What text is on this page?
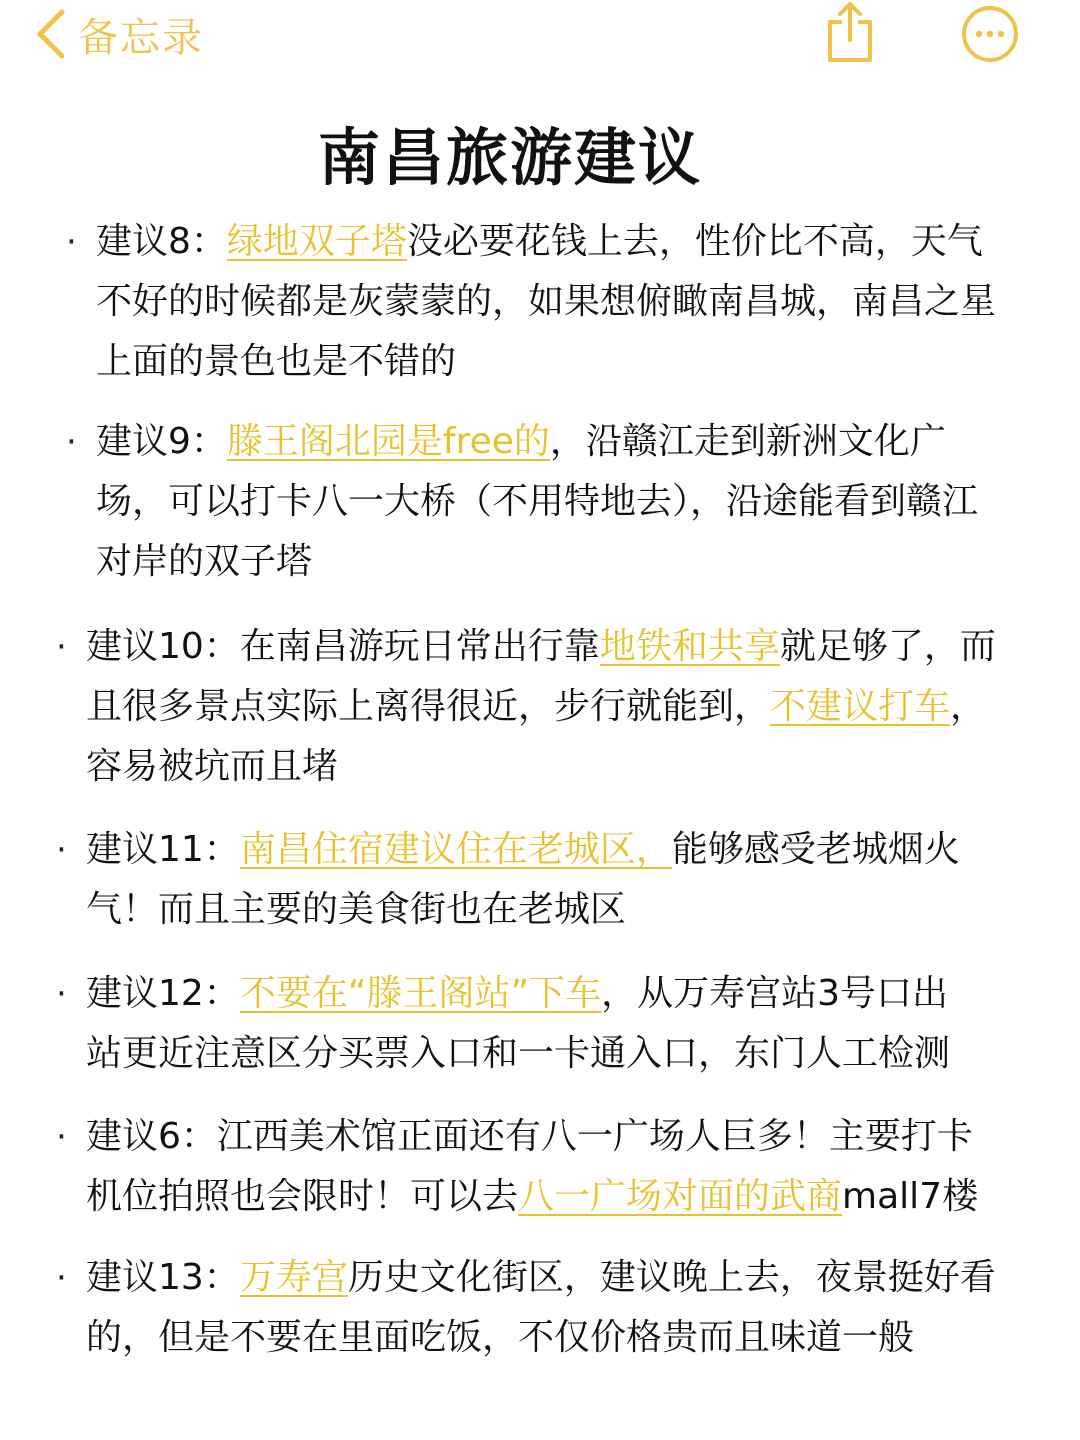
备忘录
南昌旅游建议
· 建议8：绿地双子塔没必要花钱上去，性价比不高，天气
不好的时候都是灰蒙蒙的，如果想俯瞰南昌城，南昌之星
上面的景色也是不错的
· 建议9：滕王阁北园是free的，沿赣江走到新洲文化广
场，可以打卡八一大桥（不用特地去），沿途能看到赣江
对岸的双子塔
· 建议10：在南昌游玩日常出行靠地铁和共享就足够了，而
且很多景点实际上离得很近，步行就能到，不建议打车，
容易被坑而且堵
· 建议11：南昌住宿建议住在老城区，能够感受老城烟火
气！而且主要的美食街也在老城区
· 建议12：不要在“滕王阁站”下车，从万寿宫站3号口出
站更近注意区分买票入口和一卡通入口，东门人工检测
· 建议6：江西美术馆正面还有八一广场人巨多！主要打卡
机位拍照也会限时！可以去八一广场对面的武商mall7楼
· 建议13：万寿宫历史文化街区，建议晚上去，夜景挺好看
的，但是不要在里面吃饭，不仅价格贵而且味道一般
